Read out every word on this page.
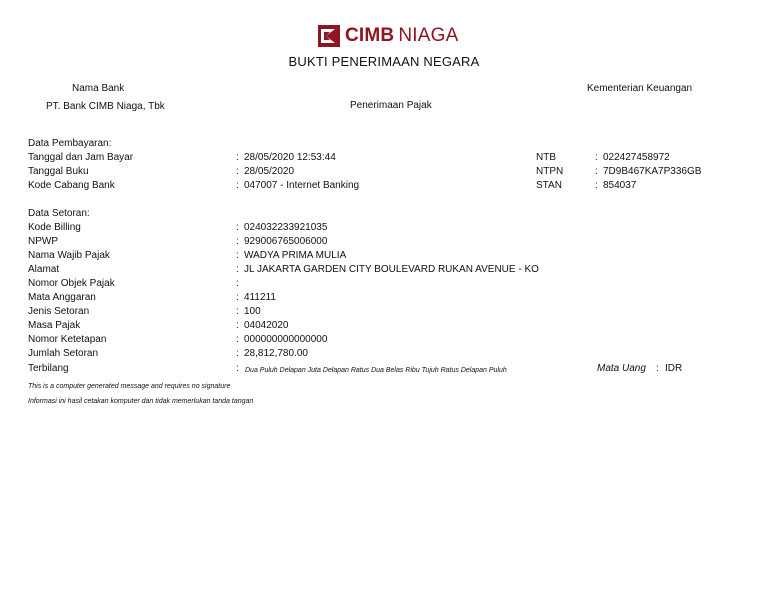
CIMB NIAGA
BUKTI PENERIMAAN NEGARA
Nama Bank
PT. Bank CIMB Niaga, Tbk	Penerimaan Pajak
Kementerian Keuangan
Data Pembayaran:
Tanggal dan Jam Bayar	: 28/05/2020 12:53:44
Tanggal Buku	: 28/05/2020
Kode Cabang Bank	: 047007 - Internet Banking
NTB	: 022427458972
NTPN	: 7D9B467KA7P336GB
STAN	: 854037
Data Setoran:
Kode Billing	: 024032233921035
NPWP	: 929006765006000
Nama Wajib Pajak	: WADYA PRIMA MULIA
Alamat	: JL JAKARTA GARDEN CITY BOULEVARD RUKAN AVENUE - KO
Nomor Objek Pajak	:
Mata Anggaran	: 411211
Jenis Setoran	: 100
Masa Pajak	: 04042020
Nomor Ketetapan	: 000000000000000
Jumlah Setoran	: 28,812,780.00
Terbilang	: Dua Puluh Delapan Juta Delapan Ratus Dua Belas Ribu Tujuh Ratus Delapan Puluh	Mata Uang : IDR
This is a computer generated message and requires no signature
Informasi ini hasil cetakan komputer dan tidak memerlukan tanda tangan
